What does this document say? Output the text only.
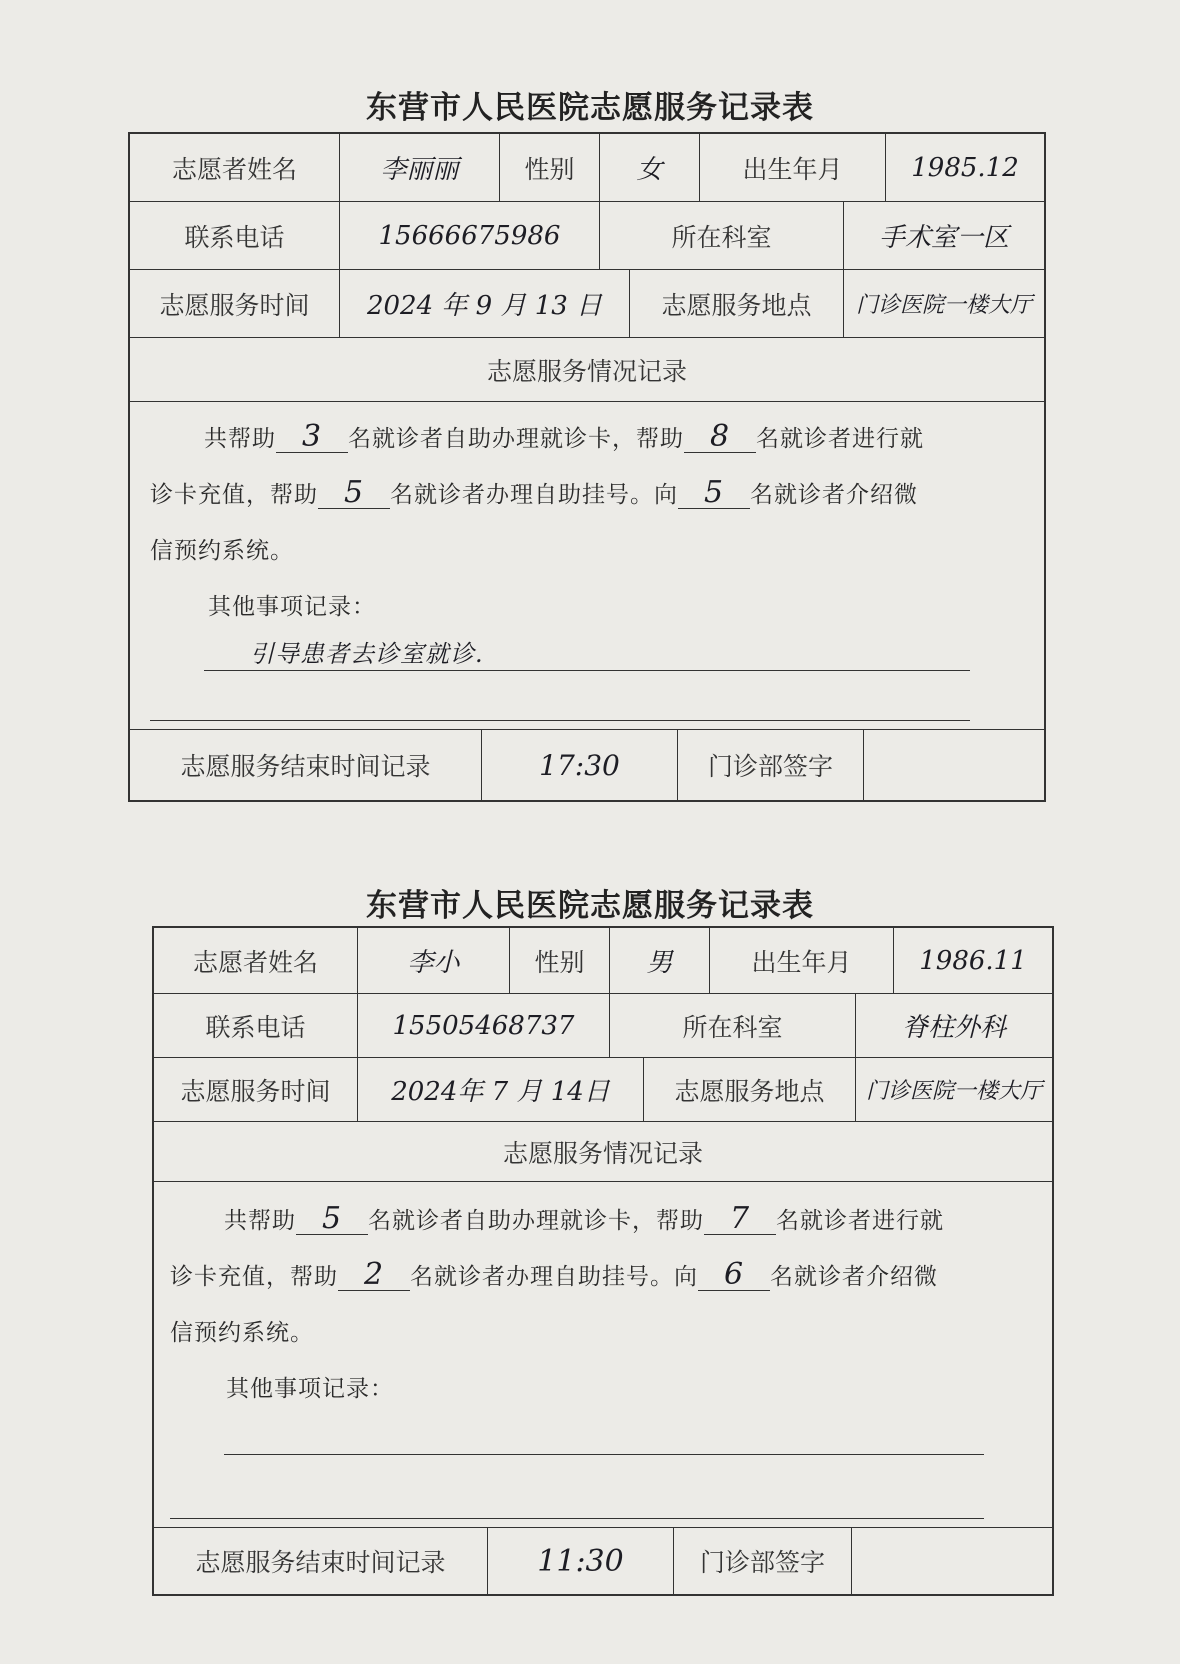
东营市人民医院志愿服务记录表
志愿者姓名	李丽丽	性别	女	出生年月	1985.12
联系电话	15666675986	所在科室	手术室一区
志愿服务时间	2024 年 9 月 13 日	志愿服务地点	门诊医院一楼大厅
志愿服务情况记录
共帮助 3 名就诊者自助办理就诊卡，帮助 8 名就诊者进行就
诊卡充值，帮助 5 名就诊者办理自助挂号。向 5 名就诊者介绍微
信预约系统。
其他事项记录：
引导患者去诊室就诊.
志愿服务结束时间记录	17:30	门诊部签字
东营市人民医院志愿服务记录表
志愿者姓名	李小	性别	男	出生年月	1986.11
联系电话	15505468737	所在科室	脊柱外科
志愿服务时间	2024年 7 月 14日	志愿服务地点	门诊医院一楼大厅
志愿服务情况记录
共帮助 5 名就诊者自助办理就诊卡，帮助 7 名就诊者进行就
诊卡充值，帮助 2 名就诊者办理自助挂号。向 6 名就诊者介绍微
信预约系统。
其他事项记录：
志愿服务结束时间记录	11:30	门诊部签字
